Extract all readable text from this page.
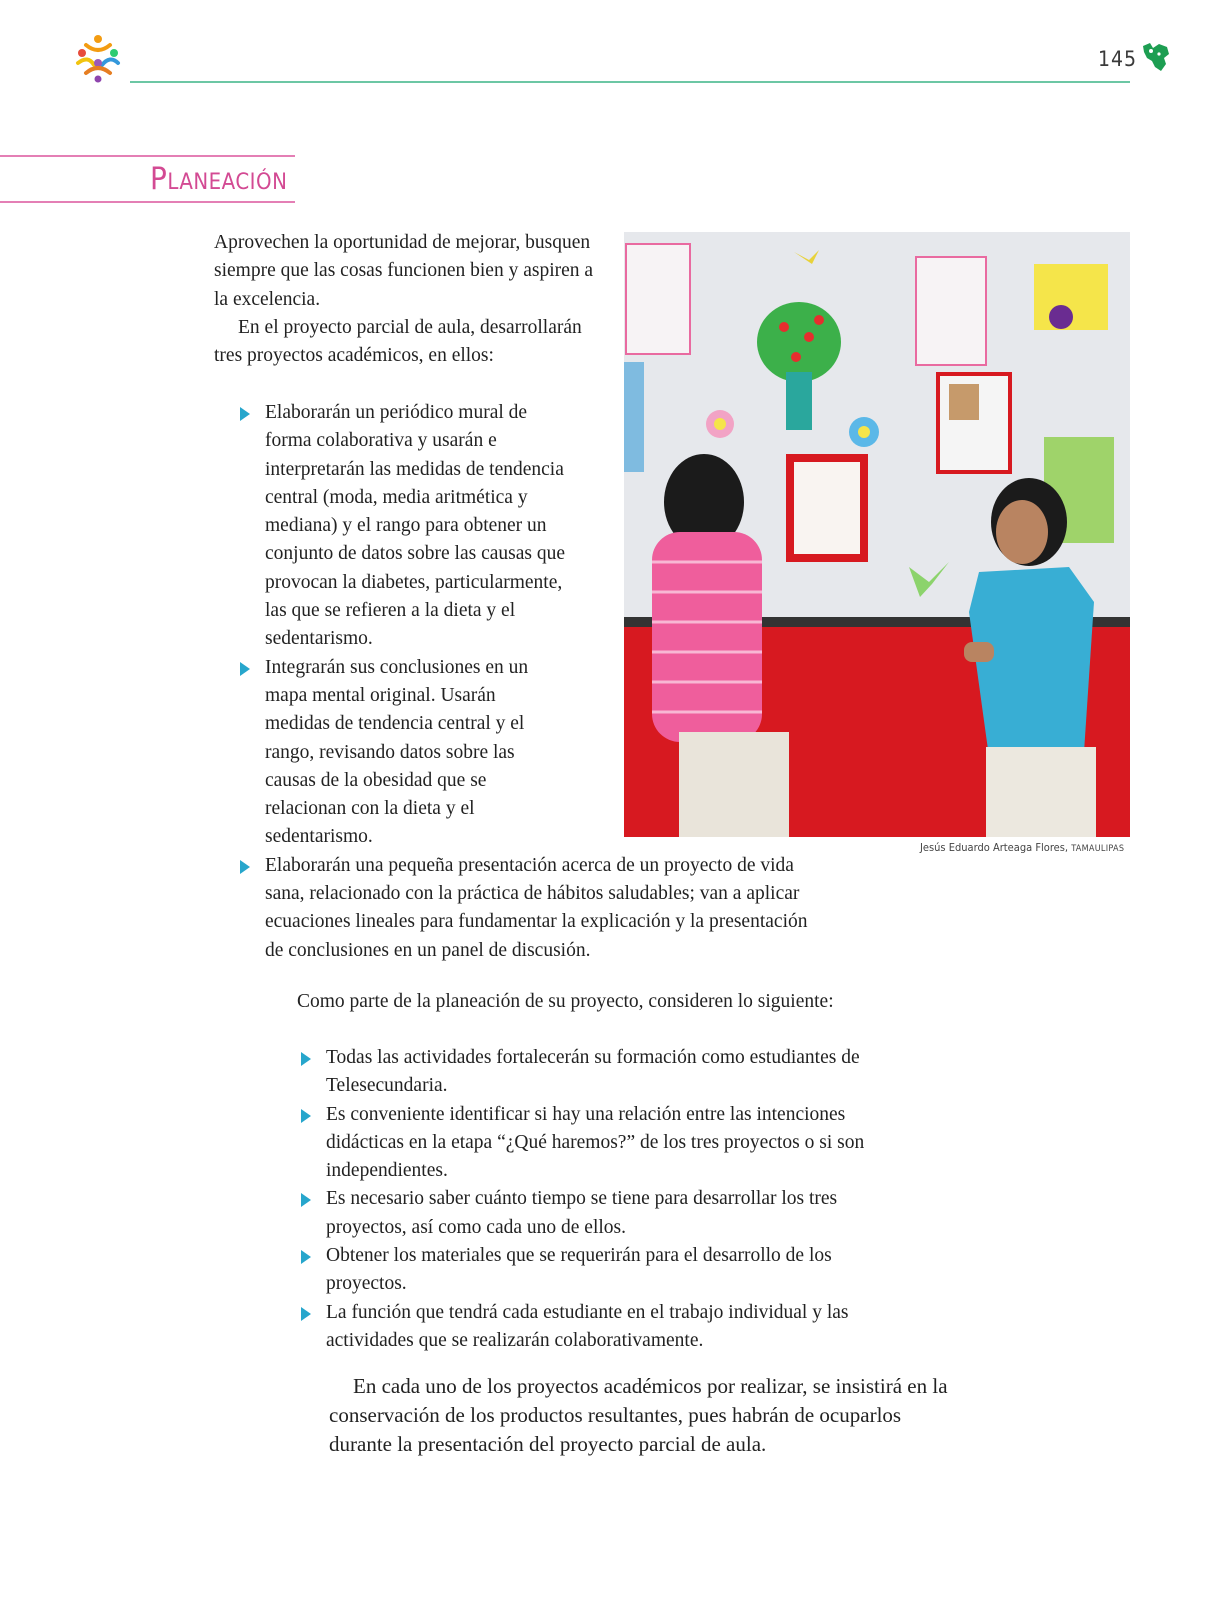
145
Planeación

Aprovechen la oportunidad de mejorar, busquen siempre que las cosas funcionen bien y aspiren a la excelencia.

En el proyecto parcial de aula, desarrollarán tres proyectos académicos, en ellos:

Elaborarán un periódico mural de forma colaborativa y usarán e interpretarán las medidas de tendencia central (moda, media aritmética y mediana) y el rango para obtener un conjunto de datos sobre las causas que provocan la diabetes, particularmente, las que se refieren a la dieta y el sedentarismo.
Integrarán sus conclusiones en un mapa mental original. Usarán medidas de tendencia central y el rango, revisando datos sobre las causas de la obesidad que se relacionan con la dieta y el sedentarismo.
Elaborarán una pequeña presentación acerca de un proyecto de vida sana, relacionado con la práctica de hábitos saludables; van a aplicar ecuaciones lineales para fundamentar la explicación y la presentación de conclusiones en un panel de discusión.
Jesús Eduardo Arteaga Flores, TAMAULIPAS
Como parte de la planeación de su proyecto, consideren lo siguiente:
Todas las actividades fortalecerán su formación como estudiantes de Telesecundaria.
Es conveniente identificar si hay una relación entre las intenciones didácticas en la etapa “¿Qué haremos?” de los tres proyectos o si son independientes.
Es necesario saber cuánto tiempo se tiene para desarrollar los tres proyectos, así como cada uno de ellos.
Obtener los materiales que se requerirán para el desarrollo de los proyectos.
La función que tendrá cada estudiante en el trabajo individual y las actividades que se realizarán colaborativamente.
En cada uno de los proyectos académicos por realizar, se insistirá en la conservación de los productos resultantes, pues habrán de ocuparlos durante la presentación del proyecto parcial de aula.
